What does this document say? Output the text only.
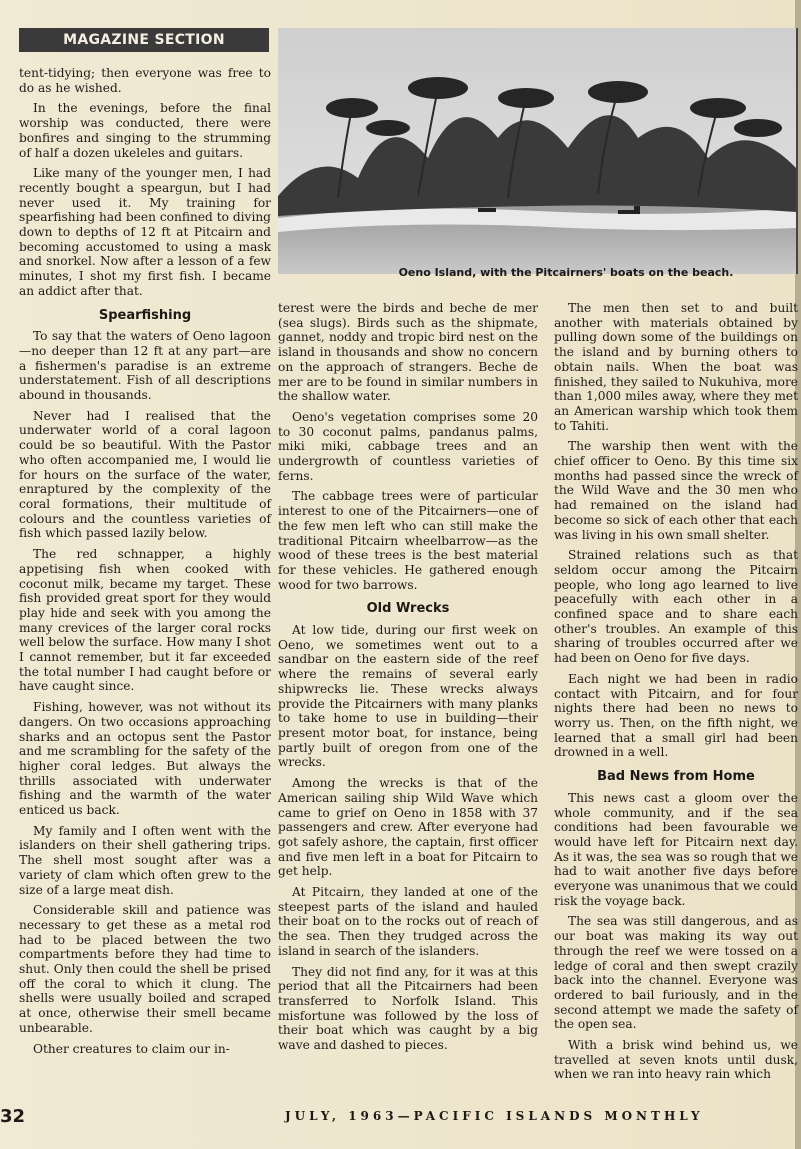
MAGAZINE SECTION
Oeno Island, with the Pitcairners' boats on the beach.

tent-tidying; then everyone was free to do as he wished.

In the evenings, before the final worship was conducted, there were bonfires and singing to the strumming of half a dozen ukeleles and guitars.

Like many of the younger men, I had recently bought a speargun, but I had never used it. My training for spearfishing had been confined to diving down to depths of 12 ft at Pitcairn and becoming accustomed to using a mask and snorkel. Now after a lesson of a few minutes, I shot my first fish. I became an addict after that.

Spearfishing

To say that the waters of Oeno lagoon—no deeper than 12 ft at any part—are a fishermen's paradise is an extreme understatement. Fish of all descriptions abound in thousands.

Never had I realised that the underwater world of a coral lagoon could be so beautiful. With the Pastor who often accompanied me, I would lie for hours on the surface of the water, enraptured by the complexity of the coral formations, their multitude of colours and the countless varieties of fish which passed lazily below.

The red schnapper, a highly appetising fish when cooked with coconut milk, became my target. These fish provided great sport for they would play hide and seek with you among the many crevices of the larger coral rocks well below the surface. How many I shot I cannot remember, but it far exceeded the total number I had caught before or have caught since.

Fishing, however, was not without its dangers. On two occasions approaching sharks and an octopus sent the Pastor and me scrambling for the safety of the higher coral ledges. But always the thrills associated with underwater fishing and the warmth of the water enticed us back.

My family and I often went with the islanders on their shell gathering trips. The shell most sought after was a variety of clam which often grew to the size of a large meat dish.

Considerable skill and patience was necessary to get these as a metal rod had to be placed between the two compartments before they had time to shut. Only then could the shell be prised off the coral to which it clung. The shells were usually boiled and scraped at once, otherwise their smell became unbearable.

Other creatures to claim our in-

terest were the birds and beche de mer (sea slugs). Birds such as the shipmate, gannet, noddy and tropic bird nest on the island in thousands and show no concern on the approach of strangers. Beche de mer are to be found in similar numbers in the shallow water.

Oeno's vegetation comprises some 20 to 30 coconut palms, pandanus palms, miki miki, cabbage trees and an undergrowth of countless varieties of ferns.

The cabbage trees were of particular interest to one of the Pitcairners—one of the few men left who can still make the traditional Pitcairn wheelbarrow—as the wood of these trees is the best material for these vehicles. He gathered enough wood for two barrows.

Old Wrecks

At low tide, during our first week on Oeno, we sometimes went out to a sandbar on the eastern side of the reef where the remains of several early shipwrecks lie. These wrecks always provide the Pitcairners with many planks to take home to use in building—their present motor boat, for instance, being partly built of oregon from one of the wrecks.

Among the wrecks is that of the American sailing ship Wild Wave which came to grief on Oeno in 1858 with 37 passengers and crew. After everyone had got safely ashore, the captain, first officer and five men left in a boat for Pitcairn to get help.

At Pitcairn, they landed at one of the steepest parts of the island and hauled their boat on to the rocks out of reach of the sea. Then they trudged across the island in search of the islanders.

They did not find any, for it was at this period that all the Pitcairners had been transferred to Norfolk Island. This misfortune was followed by the loss of their boat which was caught by a big wave and dashed to pieces.

The men then set to and built another with materials obtained by pulling down some of the buildings on the island and by burning others to obtain nails. When the boat was finished, they sailed to Nukuhiva, more than 1,000 miles away, where they met an American warship which took them to Tahiti.

The warship then went with the chief officer to Oeno. By this time six months had passed since the wreck of the Wild Wave and the 30 men who had remained on the island had become so sick of each other that each was living in his own small shelter.

Strained relations such as that seldom occur among the Pitcairn people, who long ago learned to live peacefully with each other in a confined space and to share each other's troubles. An example of this sharing of troubles occurred after we had been on Oeno for five days.

Each night we had been in radio contact with Pitcairn, and for four nights there had been no news to worry us. Then, on the fifth night, we learned that a small girl had been drowned in a well.

Bad News from Home

This news cast a gloom over the whole community, and if the sea conditions had been favourable we would have left for Pitcairn next day. As it was, the sea was so rough that we had to wait another five days before everyone was unanimous that we could risk the voyage back.

The sea was still dangerous, and as our boat was making its way out through the reef we were tossed on a ledge of coral and then swept crazily back into the channel. Everyone was ordered to bail furiously, and in the second attempt we made the safety of the open sea.

With a brisk wind behind us, we travelled at seven knots until dusk, when we ran into heavy rain which

32	JULY, 1963—PACIFIC ISLANDS MONTHLY
